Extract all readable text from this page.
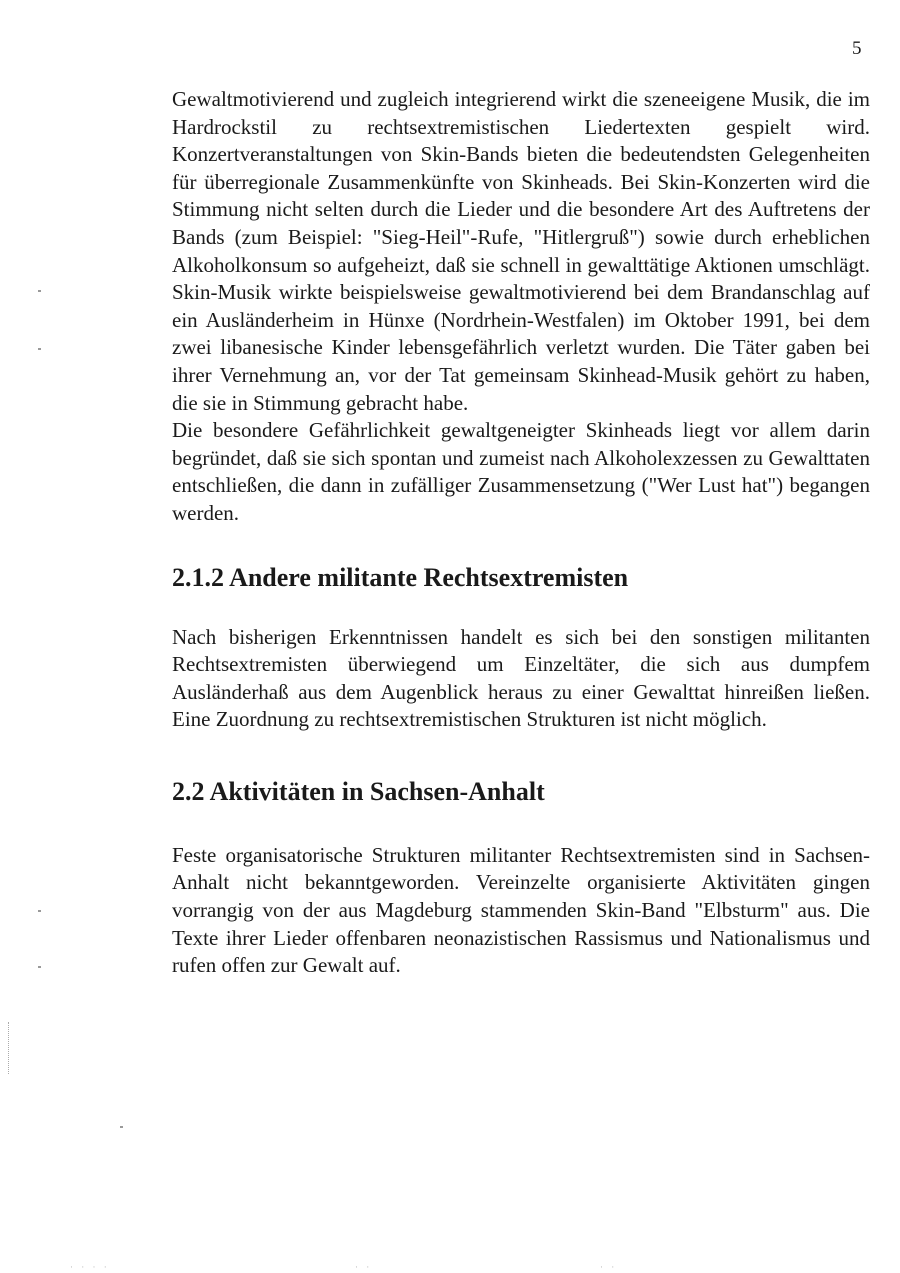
5

Gewaltmotivierend und zugleich integrierend wirkt die szeneeigene Musik, die im Hardrockstil zu rechtsextremistischen Liedertexten gespielt wird. Konzertveranstaltungen von Skin-Bands bieten die bedeutendsten Gelegenheiten für überregionale Zusammenkünfte von Skinheads. Bei Skin-Konzerten wird die Stimmung nicht selten durch die Lieder und die besondere Art des Auftretens der Bands (zum Beispiel: "Sieg-Heil"-Rufe, "Hitlergruß") sowie durch erheblichen Alkoholkonsum so aufgeheizt, daß sie schnell in gewalttätige Aktionen umschlägt. Skin-Musik wirkte beispielsweise gewaltmotivierend bei dem Brandanschlag auf ein Ausländerheim in Hünxe (Nordrhein-Westfalen) im Oktober 1991, bei dem zwei libanesische Kinder lebensgefährlich verletzt wurden. Die Täter gaben bei ihrer Vernehmung an, vor der Tat gemeinsam Skinhead-Musik gehört zu haben, die sie in Stimmung gebracht habe.

Die besondere Gefährlichkeit gewaltgeneigter Skinheads liegt vor allem darin begründet, daß sie sich spontan und zumeist nach Alkoholexzessen zu Gewalttaten entschließen, die dann in zufälliger Zusammensetzung ("Wer Lust hat") begangen werden.

2.1.2 Andere militante Rechtsextremisten

Nach bisherigen Erkenntnissen handelt es sich bei den sonstigen militanten Rechtsextremisten überwiegend um Einzeltäter, die sich aus dumpfem Ausländerhaß aus dem Augenblick heraus zu einer Gewalttat hinreißen ließen. Eine Zuordnung zu rechtsextremistischen Strukturen ist nicht möglich.

2.2 Aktivitäten in Sachsen-Anhalt

Feste organisatorische Strukturen militanter Rechtsextremisten sind in Sachsen-Anhalt nicht bekanntgeworden. Vereinzelte organisierte Aktivitäten gingen vorrangig von der aus Magdeburg stammenden Skin-Band "Elbsturm" aus. Die Texte ihrer Lieder offenbaren neonazistischen Rassismus und Nationalismus und rufen offen zur Gewalt auf.

· · · ·	· ·	· ·
